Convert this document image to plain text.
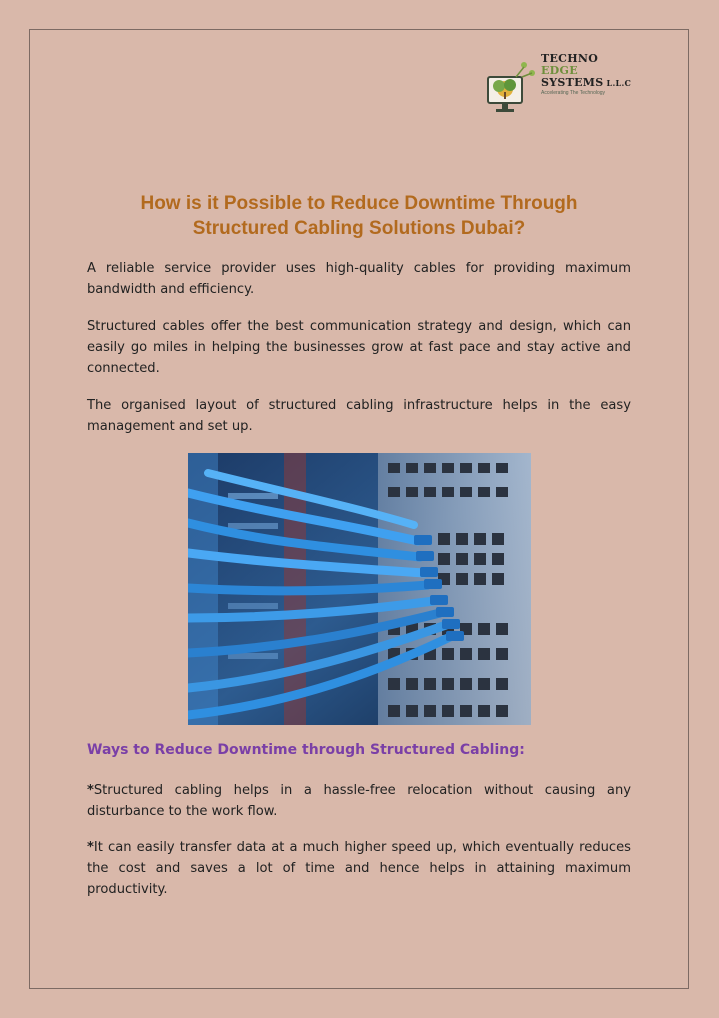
TECHNO
EDGE
SYSTEMS L.L.C
Accelerating The Technology
How is it Possible to Reduce Downtime Through
Structured Cabling Solutions Dubai?

A reliable service provider uses high-quality cables for providing maximum bandwidth and efficiency.

Structured cables offer the best communication strategy and design, which can easily go miles in helping the businesses grow at fast pace and stay active and connected.

The organised layout of structured cabling infrastructure helps in the easy management and set up.

Ways to Reduce Downtime through Structured Cabling:

*Structured cabling helps in a hassle-free relocation without causing any disturbance to the work flow.

*It can easily transfer data at a much higher speed up, which eventually reduces the cost and saves a lot of time and hence helps in attaining maximum productivity.
